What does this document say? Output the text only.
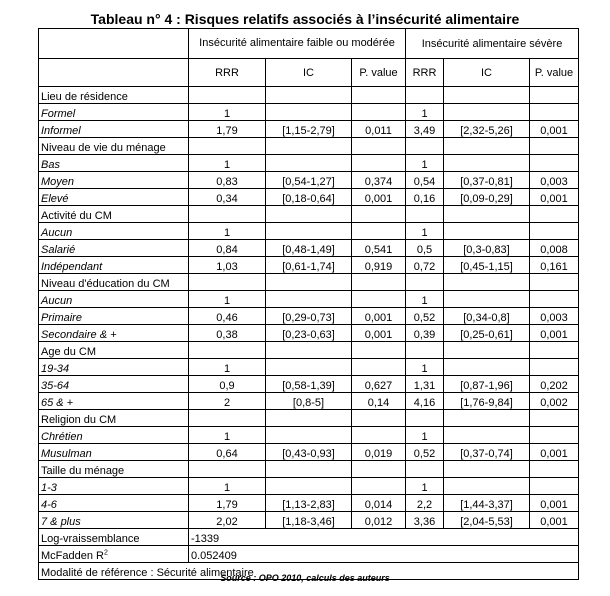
Tableau n° 4 : Risques relatifs associés à l’insécurité alimentaire
	Insécurité alimentaire faible ou modérée			Insécurité alimentaire sévère		
	RRR	IC	P. value	RRR	IC	P. value
Lieu de résidence						
Formel	1			1		
Informel	1,79	[1,15-2,79]	0,011	3,49	[2,32-5,26]	0,001
Niveau de vie du ménage						
Bas	1			1		
Moyen	0,83	[0,54-1,27]	0,374	0,54	[0,37-0,81]	0,003
Elevé	0,34	[0,18-0,64]	0,001	0,16	[0,09-0,29]	0,001
Activité du CM						
Aucun	1			1		
Salarié	0,84	[0,48-1,49]	0,541	0,5	[0,3-0,83]	0,008
Indépendant	1,03	[0,61-1,74]	0,919	0,72	[0,45-1,15]	0,161
Niveau d'éducation du CM						
Aucun	1			1		
Primaire	0,46	[0,29-0,73]	0,001	0,52	[0,34-0,8]	0,003
Secondaire & +	0,38	[0,23-0,63]	0,001	0,39	[0,25-0,61]	0,001
Age du CM						
19-34	1			1		
35-64	0,9	[0,58-1,39]	0,627	1,31	[0,87-1,96]	0,202
65 & +	2	[0,8-5]	0,14	4,16	[1,76-9,84]	0,002
Religion du CM						
Chrétien	1			1		
Musulman	0,64	[0,43-0,93]	0,019	0,52	[0,37-0,74]	0,001
Taille du ménage						
1-3	1			1		
4-6	1,79	[1,13-2,83]	0,014	2,2	[1,44-3,37]	0,001
7 & plus	2,02	[1,18-3,46]	0,012	3,36	[2,04-5,53]	0,001
Log-vraissemblance	-1339					
McFadden $R^2$	0.052409					
Modalité de référence : Sécurité alimentaire						
Source : OPO 2010, calculs des auteurs
